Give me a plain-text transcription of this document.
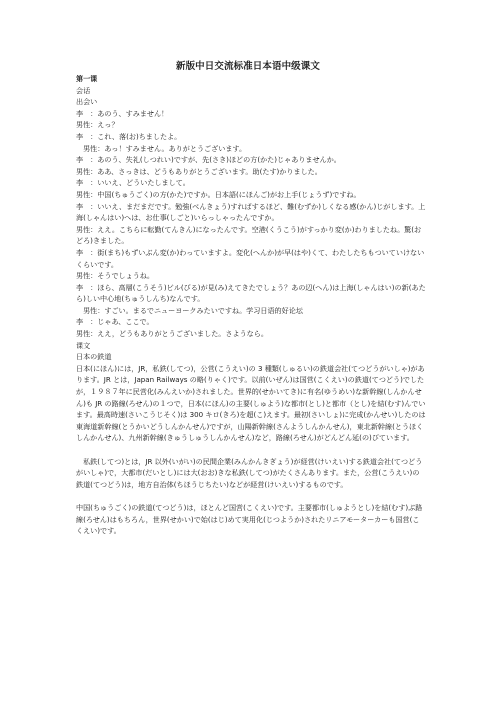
新版中日交流标准日本语中级课文

第一课

会话

出会い

李　：あのう、すみません！

男性：えっ？

李　：これ、落(お)ちましたよ。

　男性：あっ！すみません。ありがとうございます。

李　：あのう、失礼(しつれい)ですが、先(さき)ほどの方(かた)じゃありませんか。

男性：ああ、さっきは、どうもありがとうございます。助(たす)かりました。

李　：いいえ、どういたしまして。

男性：中国(ちゅうごく)の方(かた)ですか。日本語(にほんご)がお上手(じょうず)ですね。

李　：いいえ、まだまだです。勉強(べんきょう)すればするほど、難(むずか)しくなる感(かん)じがします。上海(しゃんはい)へは、お仕事(しごと)いらっしゃったんですか。

男性：ええ。こちらに転勤(てんきん)になったんです。空港(くうこう)がすっかり変(か)わりましたね。驚(おどろ)きました。

李　：街(まち)もずいぶん変(か)わっていますよ。変化(へんか)が早(はや)くて、わたしたちもついていけないくらいです。

男性：そうでしょうね。

李　：ほら、高層(こうそう)ビル(びる)が見(み)えてきたでしょう？あの辺(へん)は上海(しゃんはい)の新(あたら)しい中心地(ちゅうしんち)なんです。

　男性：すごい。まるでニューヨークみたいですね。学习日语的好论坛

李　：じゃあ、ここで。

男性：ええ，どうもありがとうございました。さようなら。

课文

日本の鉄道

日本(にほん)には，JR，私鉄(してつ)，公営(こうえい)の 3 種類(しゅるい)の鉄道会社(てつどうがいしゃ)があります。JR とは，Japan Railways の略(りゃく)です。以前(いぜん)は国営(こくえい)の鉄道(てつどう)でしたが，１９８７年に民営化(みんえいか)されました。世界的(せかいてき)に有名(ゆうめい)な新幹線(しんかんせん)も JR の路線(ろせん)の１つで，日本(にほん)の主要(しゅよう)な都市(とし)と都市（とし)を結(むす)んでいます。最高時速(さいこうじそく)は 300 キロ(きろ)を超(こ)えます。最初(さいしょ)に完成(かんせい)したのは東海道新幹線(とうかいどうしんかんせん)ですが，山陽新幹線(さんようしんかんせん)，東北新幹線(とうほくしんかんせん)、九州新幹線(きゅうしゅうしんかんせん)など，路線(ろせん)がどんどん延(の)びています。

　私鉄(してつ)とは，JR 以外(いがい)の民間企業(みんかんきぎょう)が経営(けいえい)する鉄道会社(てつどうがいしゃ)で，大都市(だいとし)には大(おお)きな私鉄(してつ)がたくさんあります。また，公営(こうえい)の鉄道(てつどう)は，地方自治体(ちほうじちたい)などが経営(けいえい)するものです。

中国(ちゅうごく)の鉄道(てつどう)は，ほとんど国営(こくえい)です。主要都市(しゅようとし)を結(むす)ぶ路線(ろせん)はもちろん，世界(せかい)で始(はじ)めて実用化(じつようか)されたリニアモーターカーも国営(こくえい)です。
